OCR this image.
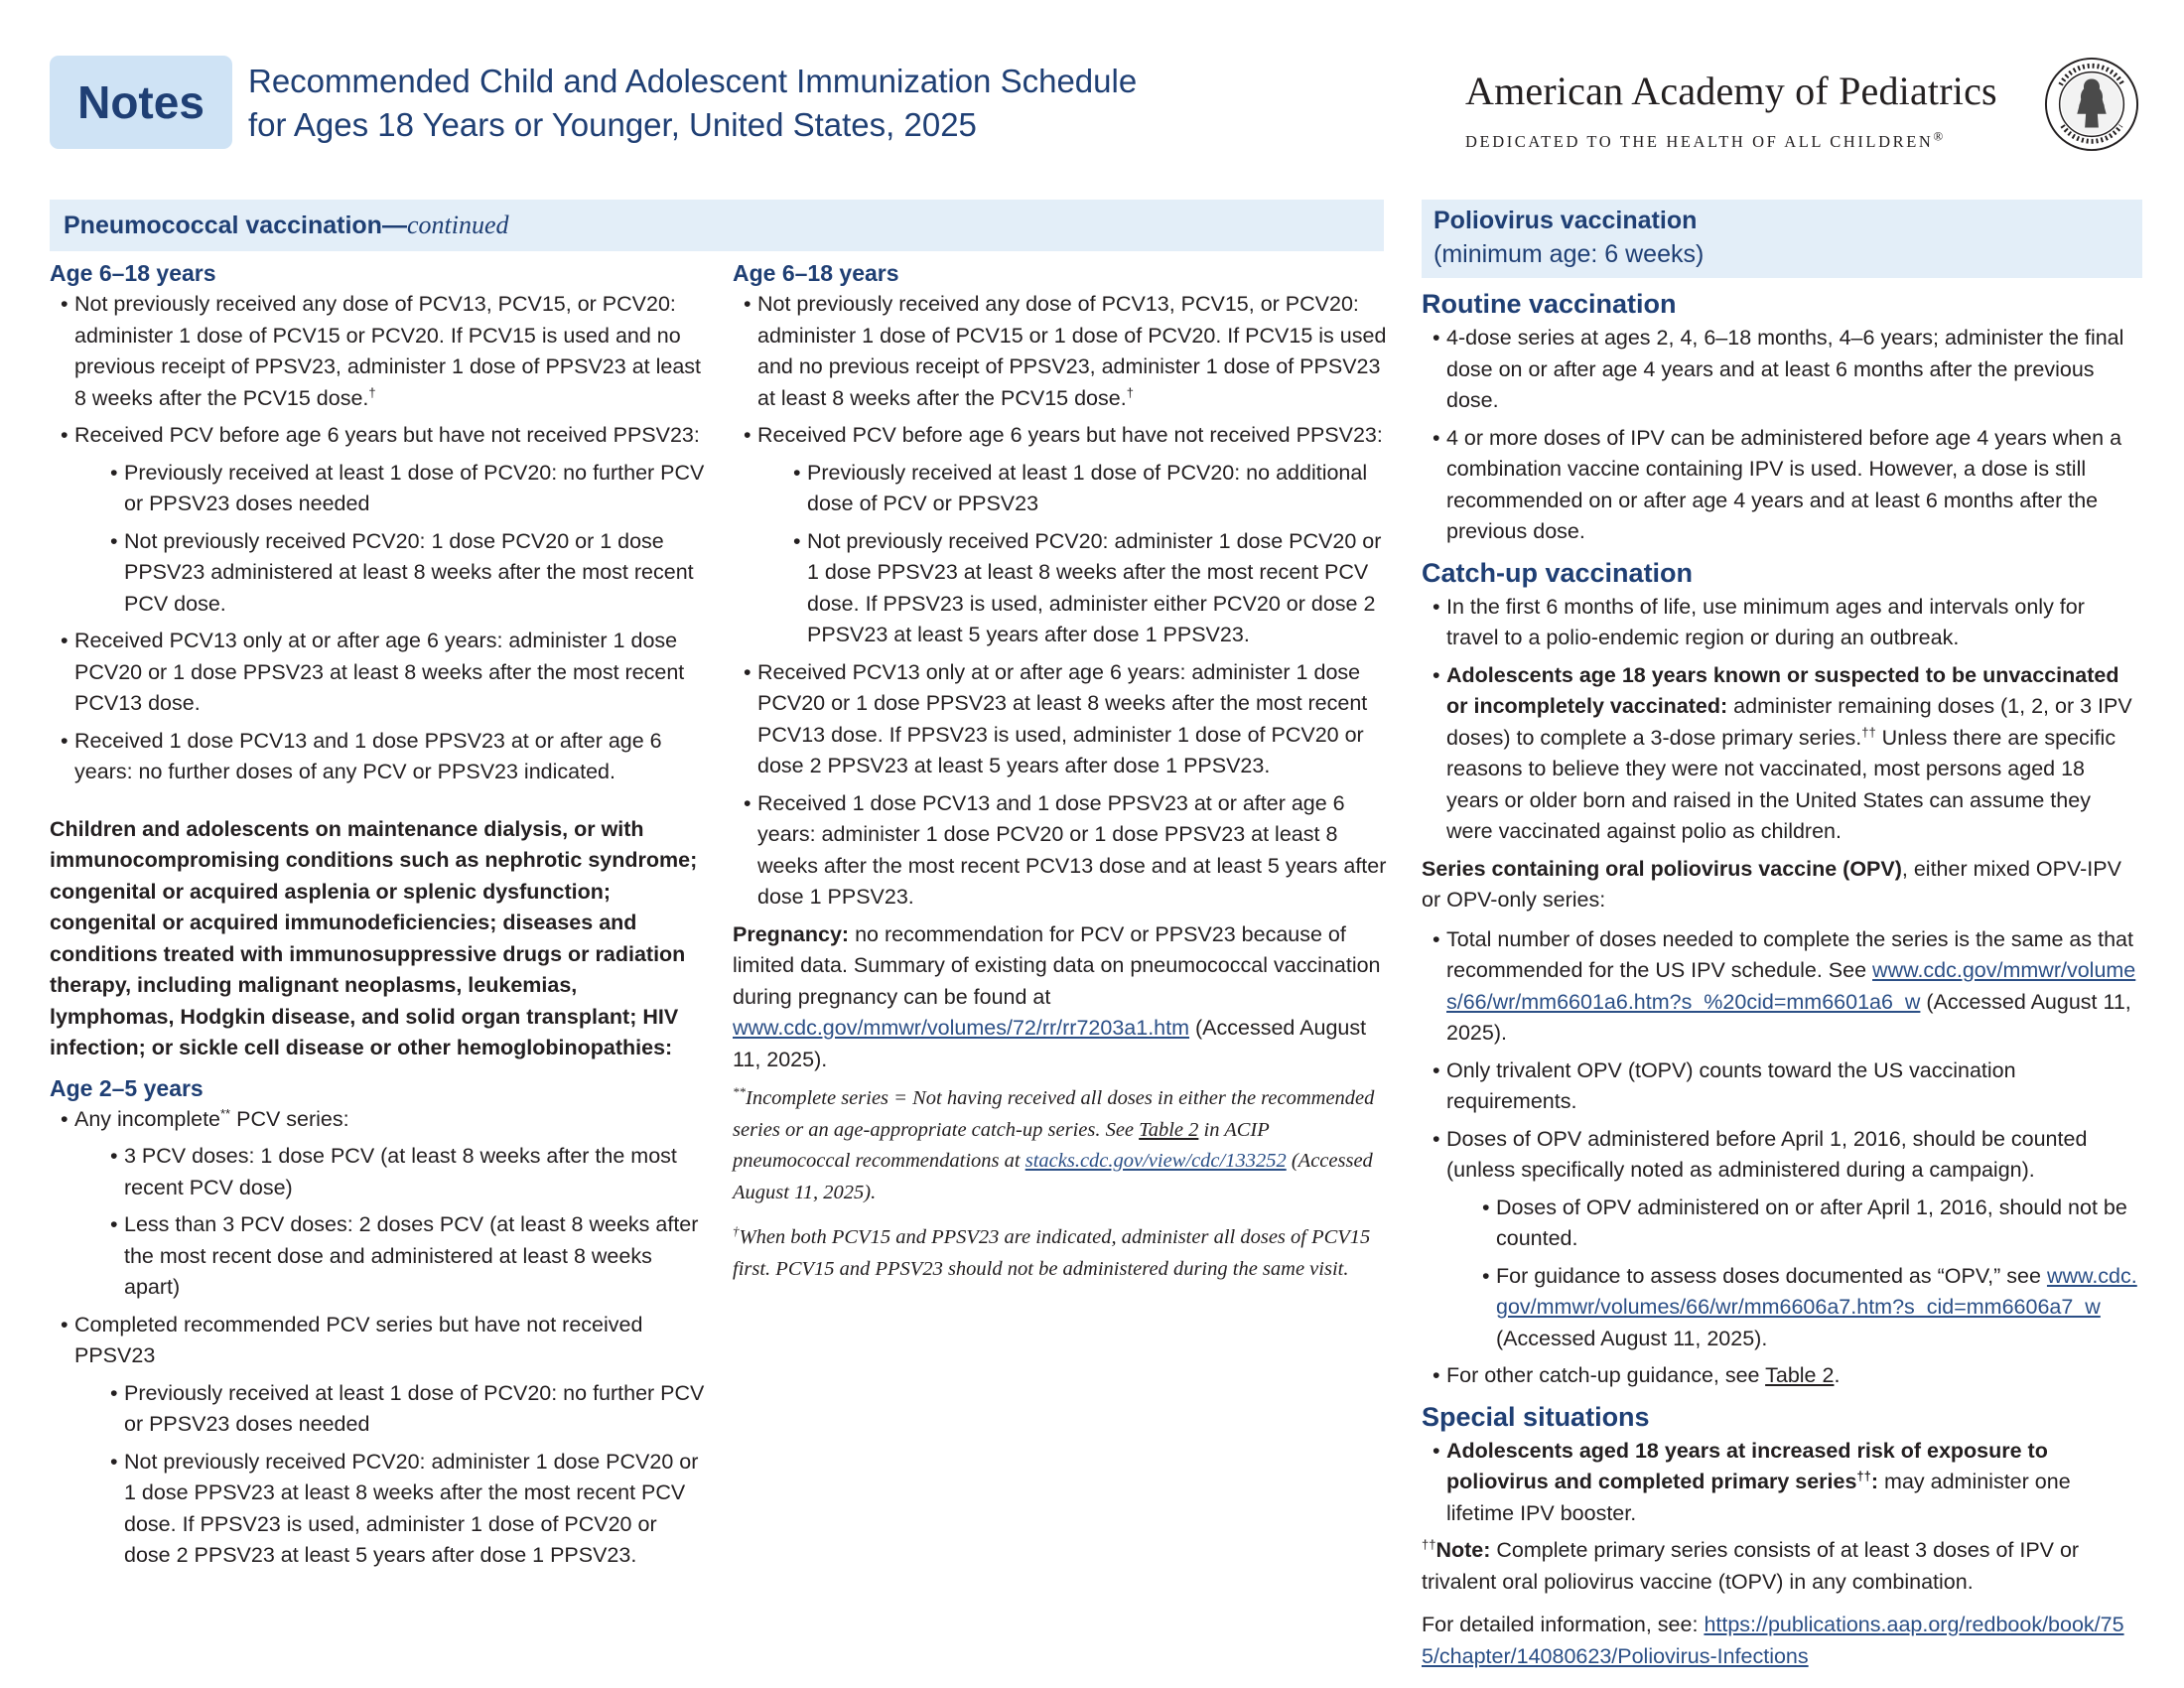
Notes	Recommended Child and Adolescent Immunization Schedule
for Ages 18 Years or Younger, United States, 2025
American Academy of Pediatrics
DEDICATED TO THE HEALTH OF ALL CHILDREN®
THE AMERICAN ACADEMY OF PEDIATRICS
Pneumococcal vaccination—continued	Poliovirus vaccination
(minimum age: 6 weeks)
Age 6–18 years
• Not previously received any dose of PCV13, PCV15, or PCV20: administer 1 dose of PCV15 or PCV20. If PCV15 is used and no previous receipt of PPSV23, administer 1 dose of PPSV23 at least 8 weeks after the PCV15 dose.†
• Received PCV before age 6 years but have not received PPSV23:
• Previously received at least 1 dose of PCV20: no further PCV or PPSV23 doses needed
• Not previously received PCV20: 1 dose PCV20 or 1 dose PPSV23 administered at least 8 weeks after the most recent PCV dose.
• Received PCV13 only at or after age 6 years: administer 1 dose PCV20 or 1 dose PPSV23 at least 8 weeks after the most recent PCV13 dose.
• Received 1 dose PCV13 and 1 dose PPSV23 at or after age 6 years: no further doses of any PCV or PPSV23 indicated.
Children and adolescents on maintenance dialysis, or with immunocompromising conditions such as nephrotic syndrome; congenital or acquired asplenia or splenic dysfunction; congenital or acquired immunodeficiencies; diseases and conditions treated with immunosuppressive drugs or radiation therapy, including malignant neoplasms, leukemias, lymphomas, Hodgkin disease, and solid organ transplant; HIV infection; or sickle cell disease or other hemoglobinopathies:
Age 2–5 years
• Any incomplete** PCV series:
• 3 PCV doses: 1 dose PCV (at least 8 weeks after the most recent PCV dose)
• Less than 3 PCV doses: 2 doses PCV (at least 8 weeks after the most recent dose and administered at least 8 weeks apart)
• Completed recommended PCV series but have not received PPSV23
• Previously received at least 1 dose of PCV20: no further PCV or PPSV23 doses needed
• Not previously received PCV20: administer 1 dose PCV20 or 1 dose PPSV23 at least 8 weeks after the most recent PCV dose. If PPSV23 is used, administer 1 dose of PCV20 or dose 2 PPSV23 at least 5 years after dose 1 PPSV23.
Age 6–18 years
• Not previously received any dose of PCV13, PCV15, or PCV20: administer 1 dose of PCV15 or 1 dose of PCV20. If PCV15 is used and no previous receipt of PPSV23, administer 1 dose of PPSV23 at least 8 weeks after the PCV15 dose.†
• Received PCV before age 6 years but have not received PPSV23:
• Previously received at least 1 dose of PCV20: no additional dose of PCV or PPSV23
• Not previously received PCV20: administer 1 dose PCV20 or 1 dose PPSV23 at least 8 weeks after the most recent PCV dose. If PPSV23 is used, administer either PCV20 or dose 2 PPSV23 at least 5 years after dose 1 PPSV23.
• Received PCV13 only at or after age 6 years: administer 1 dose PCV20 or 1 dose PPSV23 at least 8 weeks after the most recent PCV13 dose. If PPSV23 is used, administer 1 dose of PCV20 or dose 2 PPSV23 at least 5 years after dose 1 PPSV23.
• Received 1 dose PCV13 and 1 dose PPSV23 at or after age 6 years: administer 1 dose PCV20 or 1 dose PPSV23 at least 8 weeks after the most recent PCV13 dose and at least 5 years after dose 1 PPSV23.
Pregnancy: no recommendation for PCV or PPSV23 because of limited data. Summary of existing data on pneumococcal vaccination during pregnancy can be found at www.cdc.gov/mmwr/volumes/72/rr/rr7203a1.htm (Accessed August 11, 2025).
**Incomplete series = Not having received all doses in either the recommended series or an age-appropriate catch-up series. See Table 2 in ACIP pneumococcal recommendations at stacks.cdc.gov/view/cdc/133252 (Accessed August 11, 2025).
†When both PCV15 and PPSV23 are indicated, administer all doses of PCV15 first. PCV15 and PPSV23 should not be administered during the same visit.
Routine vaccination
• 4-dose series at ages 2, 4, 6–18 months, 4–6 years; administer the final dose on or after age 4 years and at least 6 months after the previous dose.
• 4 or more doses of IPV can be administered before age 4 years when a combination vaccine containing IPV is used. However, a dose is still recommended on or after age 4 years and at least 6 months after the previous dose.
Catch-up vaccination
• In the first 6 months of life, use minimum ages and intervals only for travel to a polio-endemic region or during an outbreak.
• Adolescents age 18 years known or suspected to be unvaccinated or incompletely vaccinated: administer remaining doses (1, 2, or 3 IPV doses) to complete a 3-dose primary series.†† Unless there are specific reasons to believe they were not vaccinated, most persons aged 18 years or older born and raised in the United States can assume they were vaccinated against polio as children.
Series containing oral poliovirus vaccine (OPV), either mixed OPV-IPV or OPV-only series:
• Total number of doses needed to complete the series is the same as that recommended for the US IPV schedule. See www.cdc.gov/mmwr/volumes/66/wr/mm6601a6.htm?s_%20cid=mm6601a6_w (Accessed August 11, 2025).
• Only trivalent OPV (tOPV) counts toward the US vaccination requirements.
• Doses of OPV administered before April 1, 2016, should be counted (unless specifically noted as administered during a campaign).
• Doses of OPV administered on or after April 1, 2016, should not be counted.
• For guidance to assess doses documented as “OPV,” see www.cdc.gov/mmwr/volumes/66/wr/mm6606a7.htm?s_cid=mm6606a7_w (Accessed August 11, 2025).
• For other catch-up guidance, see Table 2.
Special situations
• Adolescents aged 18 years at increased risk of exposure to poliovirus and completed primary series††: may administer one lifetime IPV booster.
††Note: Complete primary series consists of at least 3 doses of IPV or trivalent oral poliovirus vaccine (tOPV) in any combination.
For detailed information, see: https://publications.aap.org/redbook/book/755/chapter/14080623/Poliovirus-Infections
